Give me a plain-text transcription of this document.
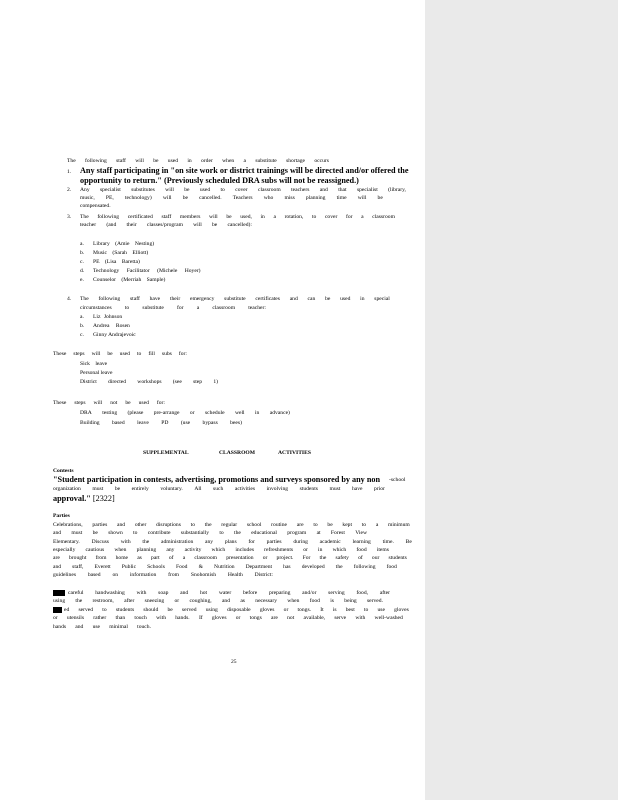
The following staff will be used in order when a substitute shortage occurs
1. Any staff participating in "on site work or district trainings will be directed and/or offered the
opportunity to return." (Previously scheduled DRA subs will not be reassigned.)
2. Any specialist substitutes will be used to cover classroom teachers and that specialist (library,
music, PE, technology) will be cancelled. Teachers who miss planning time will be
compensated.
3. The following certificated staff members will be used, in a rotation, to cover for a classroom
teacher (and their classes/program will be cancelled):
a. Library (Amie Nesting)
b. Music (Sarah Elliott)
c. PE (Lisa Baretta)
d. Technology Facilitator (Michele Hoyer)
e. Counselor (Merriah Sample)
4. The following staff have their emergency substitute certificates and can be used in special
circumstances to substitute for a classroom teacher:
a. Liz Johnson
b. Andrea Rosen
c. Ginny Andrajevoic
These steps will be used to fill subs for:
Sick leave
Personal leave
District directed workshops (see step 1)
These steps will not be used for:
DRA testing (please pre-arrange or schedule well in advance)
Building based leave PD (use bypass bees)
SUPPLEMENTAL	CLASSROOM	ACTIVITIES
Contests
"Student participation in contests, advertising, promotions and surveys sponsored by any non -school
organization must be entirely voluntary. All such activities involving students must have prior
approval." [2322]
Parties
Celebrations, parties and other disruptions to the regular school routine are to be kept to a minimum
and must be shown to contribute substantially to the educational program at Forest View
Elementary. Discuss with the administration any plans for parties during academic learning time. Be
especially cautious when planning any activity which includes refreshments or in which food items
are brought from home as part of a classroom presentation or project. For the safety of our students
and staff, Everett Public Schools Food & Nutrition Department has developed the following food
guidelines based on information from Snohomish Health District:
careful handwashing with soap and hot water before preparing and/or serving food, after
using the restroom, after sneezing or coughing, and as necessary when food is being served.
ed served to students should be served using disposable gloves or tongs. It is best to use gloves
or utensils rather than touch with hands. If gloves or tongs are not available, serve with well-washed
hands and use minimal touch.
25
